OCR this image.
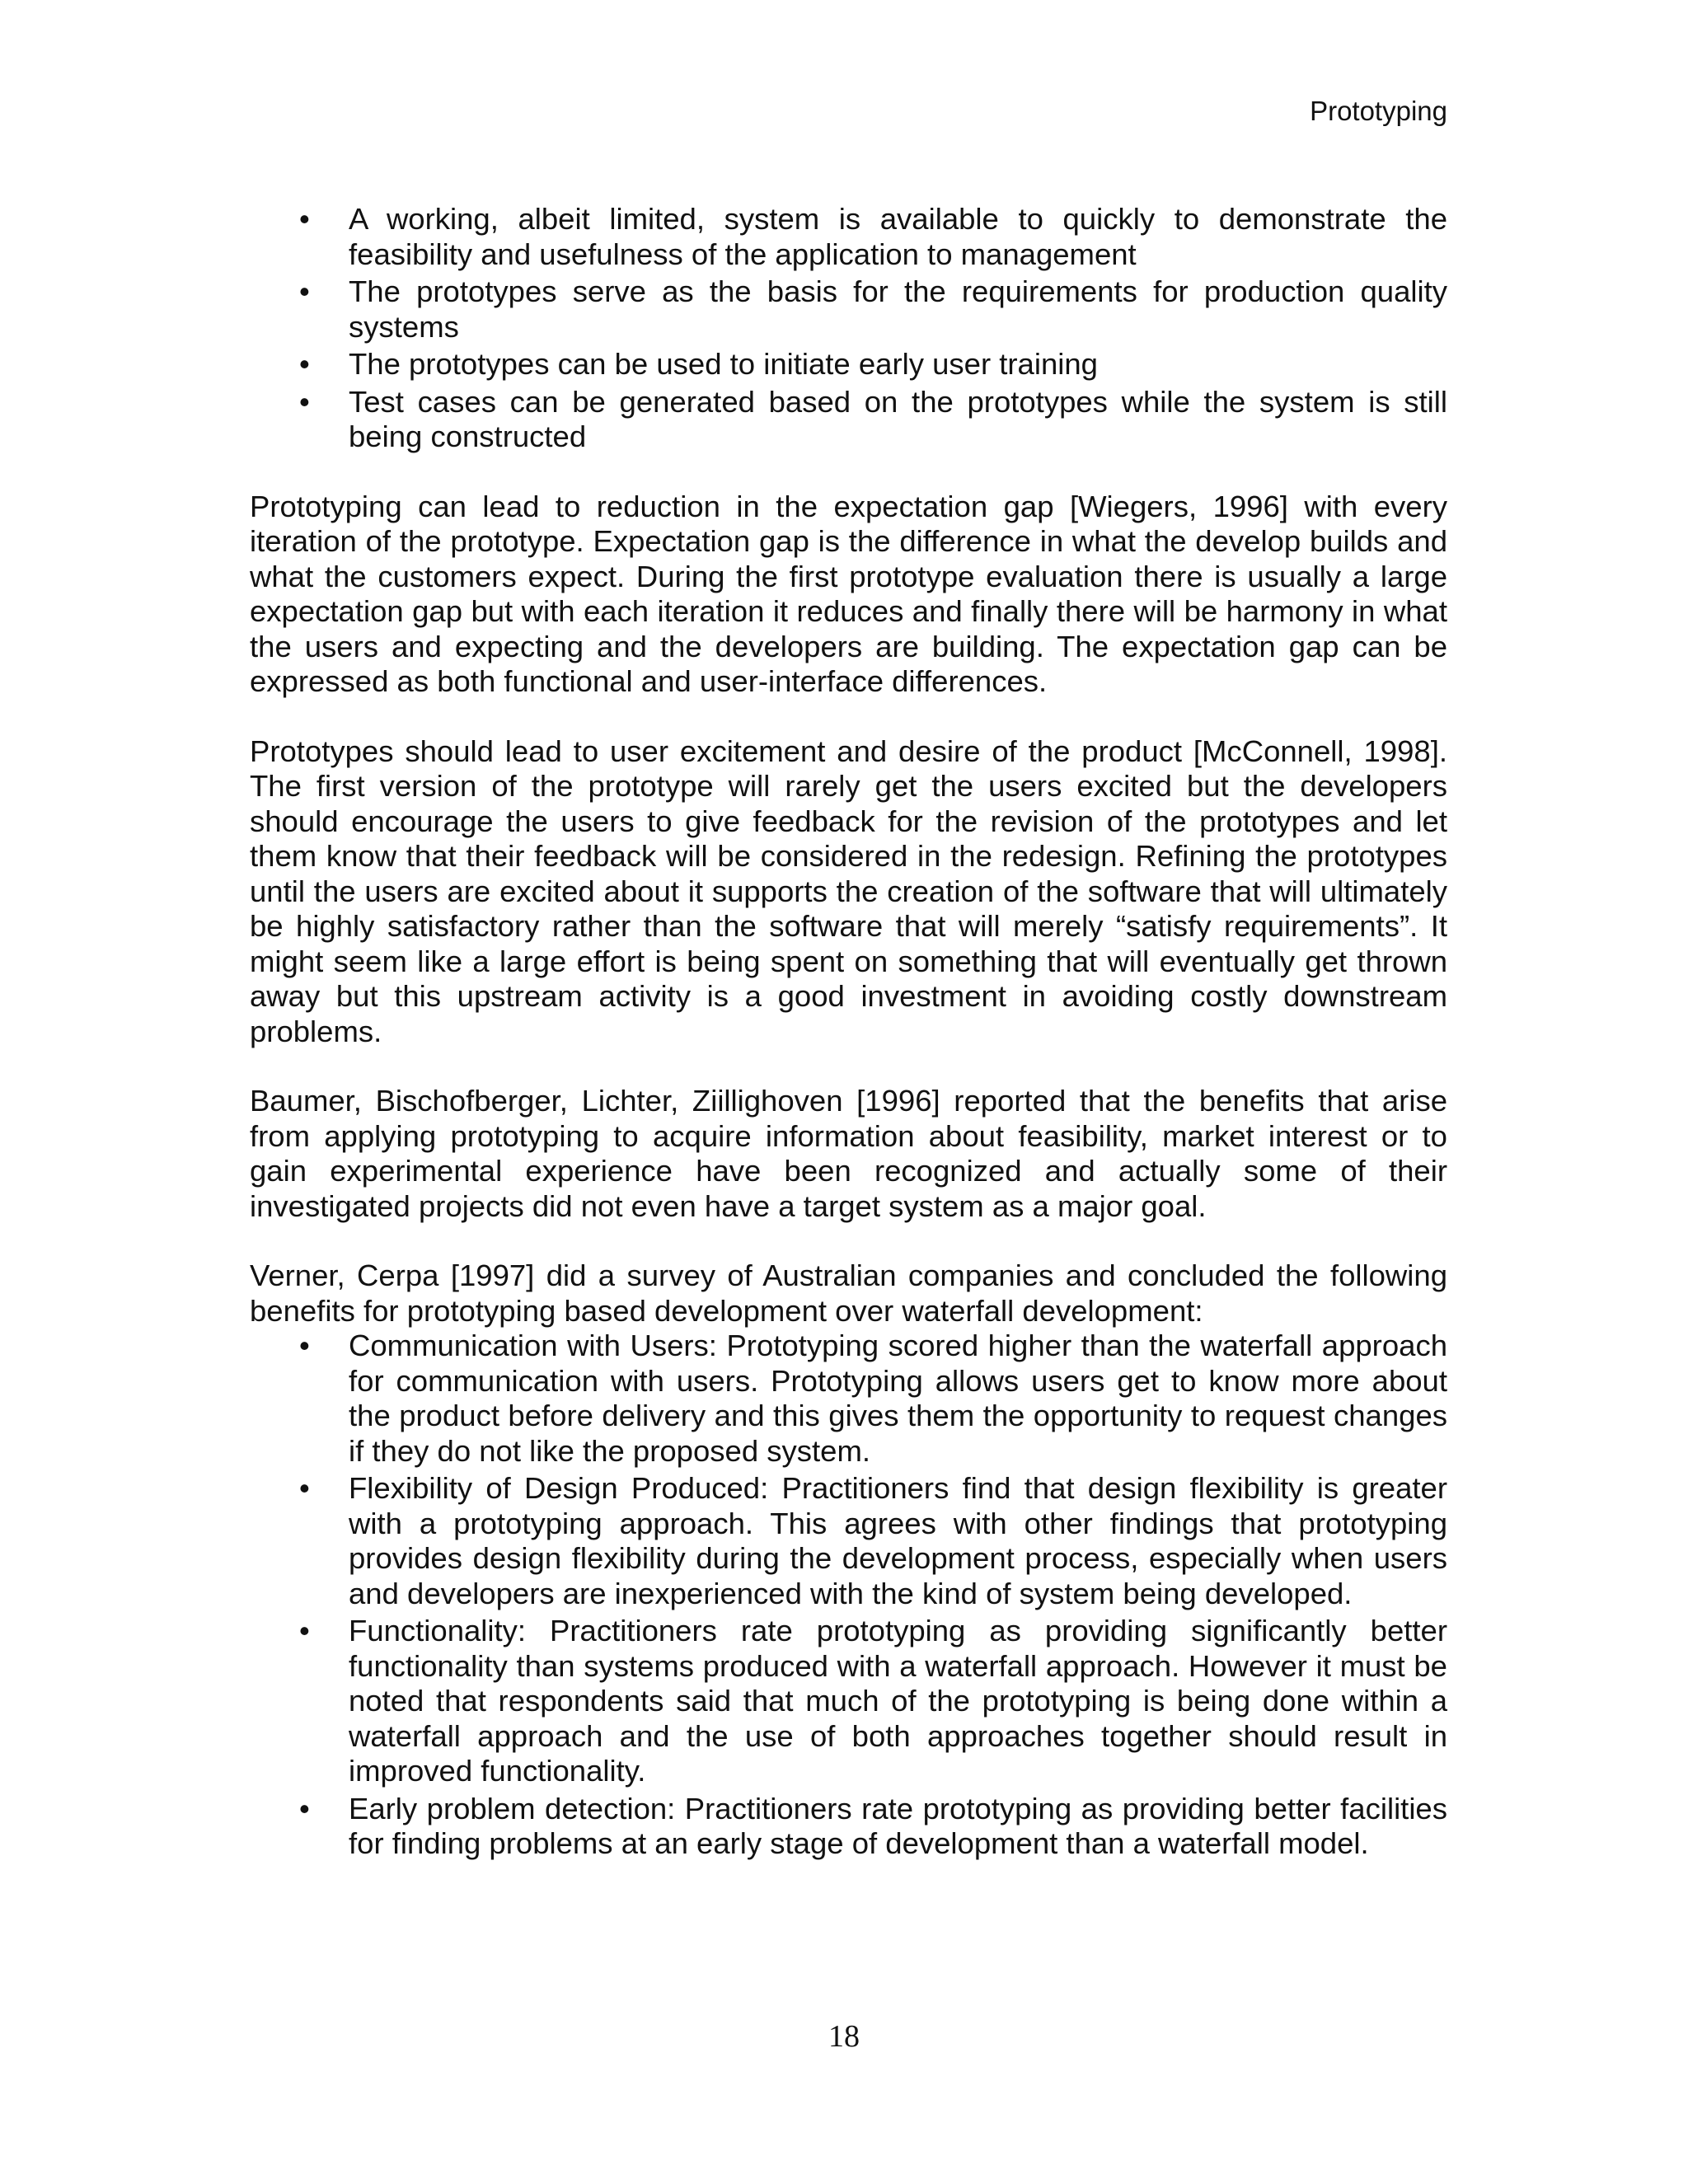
Prototyping
• A working, albeit limited, system is available to quickly to demonstrate the feasibility and usefulness of the application to management
• The prototypes serve as the basis for the requirements for production quality systems
• The prototypes can be used to initiate early user training
• Test cases can be generated based on the prototypes while the system is still being constructed

Prototyping can lead to reduction in the expectation gap [Wiegers, 1996] with every iteration of the prototype. Expectation gap is the difference in what the develop builds and what the customers expect. During the first prototype evaluation there is usually a large expectation gap but with each iteration it reduces and finally there will be harmony in what the users and expecting and the developers are building. The expectation gap can be expressed as both functional and user-interface differences.

Prototypes should lead to user excitement and desire of the product [McConnell, 1998]. The first version of the prototype will rarely get the users excited but the developers should encourage the users to give feedback for the revision of the prototypes and let them know that their feedback will be considered in the redesign. Refining the prototypes until the users are excited about it supports the creation of the software that will ultimately be highly satisfactory rather than the software that will merely “satisfy requirements”. It might seem like a large effort is being spent on something that will eventually get thrown away but this upstream activity is a good investment in avoiding costly downstream problems.

Baumer, Bischofberger, Lichter, Ziillighoven [1996] reported that the benefits that arise from applying prototyping to acquire information about feasibility, market interest or to gain experimental experience have been recognized and actually some of their investigated projects did not even have a target system as a major goal.

Verner, Cerpa [1997] did a survey of Australian companies and concluded the following benefits for prototyping based development over waterfall development:

• Communication with Users: Prototyping scored higher than the waterfall approach for communication with users. Prototyping allows users get to know more about the product before delivery and this gives them the opportunity to request changes if they do not like the proposed system.
• Flexibility of Design Produced: Practitioners find that design flexibility is greater with a prototyping approach. This agrees with other findings that prototyping provides design flexibility during the development process, especially when users and developers are inexperienced with the kind of system being developed.
• Functionality: Practitioners rate prototyping as providing significantly better functionality than systems produced with a waterfall approach. However it must be noted that respondents said that much of the prototyping is being done within a waterfall approach and the use of both approaches together should result in improved functionality.
• Early problem detection: Practitioners rate prototyping as providing better facilities for finding problems at an early stage of development than a waterfall model.
18
